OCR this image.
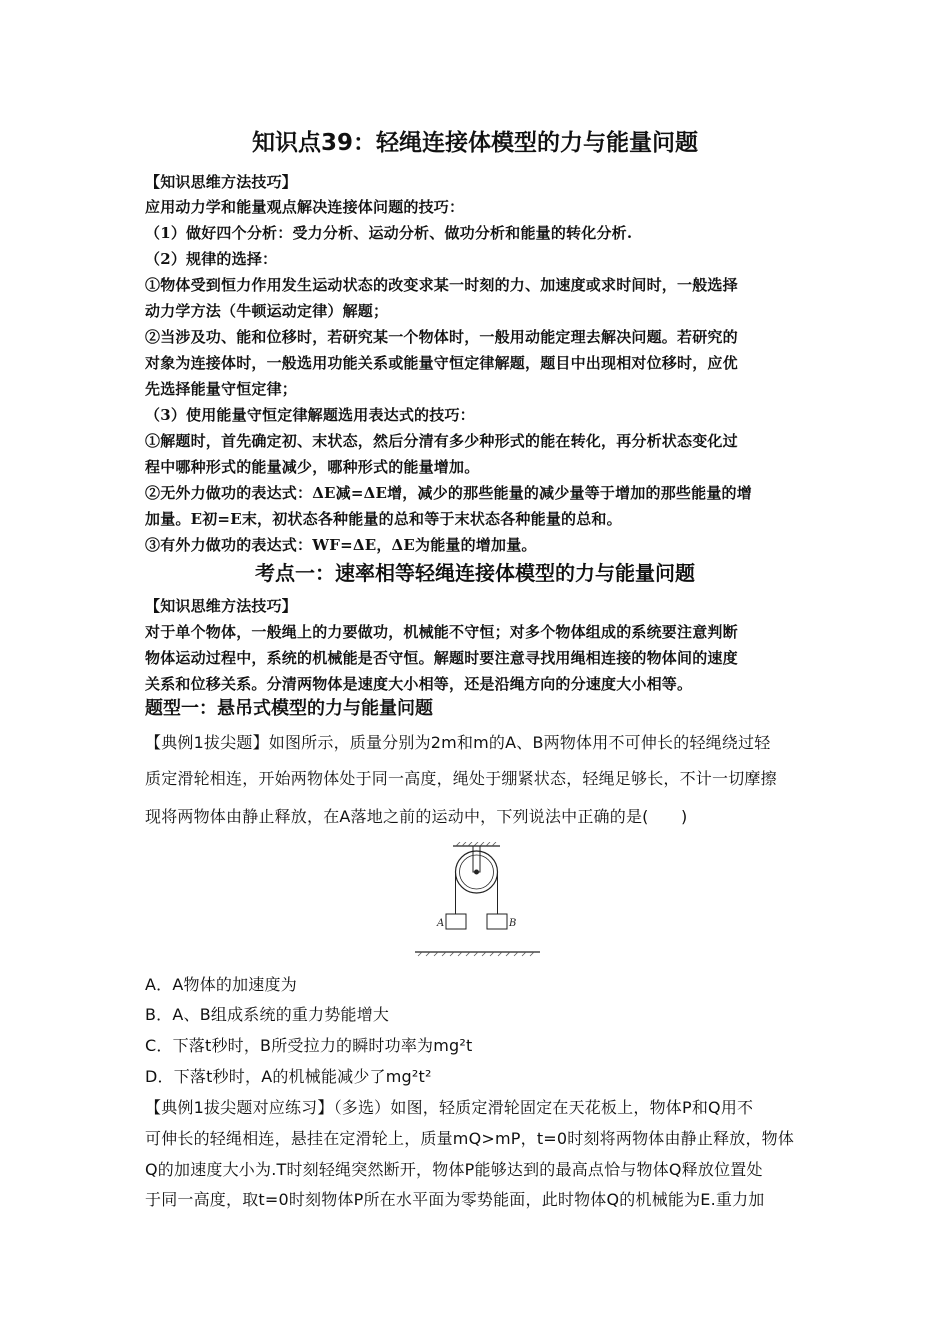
知识点39：轻绳连接体模型的力与能量问题
【知识思维方法技巧】
应用动力学和能量观点解决连接体问题的技巧：
（1）做好四个分析：受力分析、运动分析、做功分析和能量的转化分析.
（2）规律的选择：
①物体受到恒力作用发生运动状态的改变求某一时刻的力、加速度或求时间时，一般选择
动力学方法（牛顿运动定律）解题；
②当涉及功、能和位移时，若研究某一个物体时，一般用动能定理去解决问题。若研究的
对象为连接体时，一般选用功能关系或能量守恒定律解题，题目中出现相对位移时，应优
先选择能量守恒定律；
（3）使用能量守恒定律解题选用表达式的技巧：
①解题时，首先确定初、末状态，然后分清有多少种形式的能在转化，再分析状态变化过
程中哪种形式的能量减少，哪种形式的能量增加。
②无外力做功的表达式：ΔE减=ΔE增，减少的那些能量的减少量等于增加的那些能量的增
加量。E初=E末，初状态各种能量的总和等于末状态各种能量的总和。
③有外力做功的表达式：WF=ΔE，ΔE为能量的增加量。
考点一：速率相等轻绳连接体模型的力与能量问题
【知识思维方法技巧】
对于单个物体，一般绳上的力要做功，机械能不守恒；对多个物体组成的系统要注意判断
物体运动过程中，系统的机械能是否守恒。解题时要注意寻找用绳相连接的物体间的速度
关系和位移关系。分清两物体是速度大小相等，还是沿绳方向的分速度大小相等。
题型一：悬吊式模型的力与能量问题
【典例1拔尖题】如图所示，质量分别为2m和m的A、B两物体用不可伸长的轻绳绕过轻
质定滑轮相连，开始两物体处于同一高度，绳处于绷紧状态，轻绳足够长，不计一切摩擦
现将两物体由静止释放，在A落地之前的运动中，下列说法中正确的是(　　)
A	B
A．A物体的加速度为
B．A、B组成系统的重力势能增大
C．下落t秒时，B所受拉力的瞬时功率为mg²t
D．下落t秒时，A的机械能减少了mg²t²
【典例1拔尖题对应练习】（多选）如图，轻质定滑轮固定在天花板上，物体P和Q用不
可伸长的轻绳相连，悬挂在定滑轮上，质量mQ>mP，t=0时刻将两物体由静止释放，物体
Q的加速度大小为.T时刻轻绳突然断开，物体P能够达到的最高点恰与物体Q释放位置处
于同一高度，取t=0时刻物体P所在水平面为零势能面，此时物体Q的机械能为E.重力加
